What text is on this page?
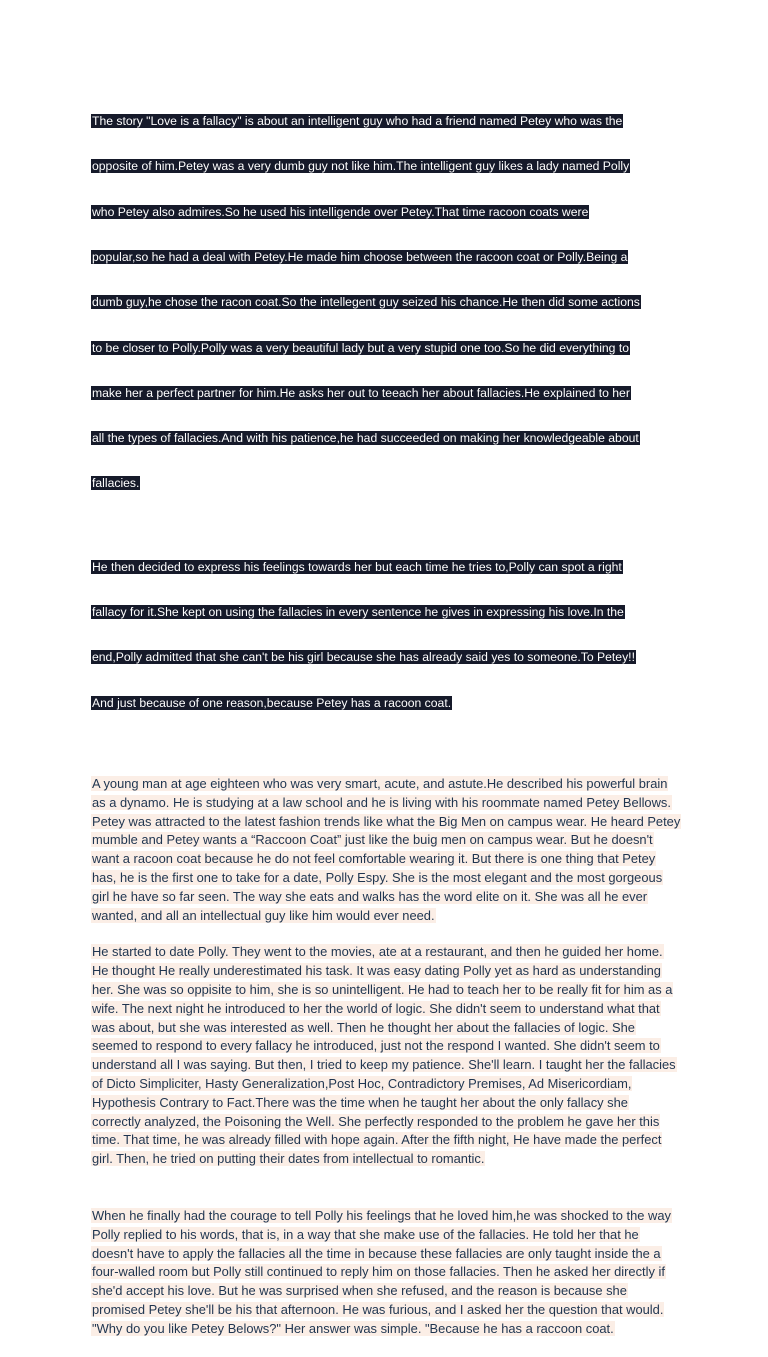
The story "Love is a fallacy" is about an intelligent guy who had a friend named Petey who was the

opposite of him.Petey was a very dumb guy not like him.The intelligent guy likes a lady named Polly

who Petey also admires.So he used his intelligende over Petey.That time racoon coats were

popular,so he had a deal with Petey.He made him choose between the racoon coat or Polly.Being a

dumb guy,he chose the racon coat.So the intellegent guy seized his chance.He then did some actions

to be closer to Polly.Polly was a very beautiful lady but a very stupid one too.So he did everything to

make her a perfect partner for him.He asks her out to teeach her about fallacies.He explained to her

all the types of fallacies.And with his patience,he had succeeded on making her knowledgeable about

fallacies.

He then decided to express his feelings towards her but each time he tries to,Polly can spot a right

fallacy for it.She kept on using the fallacies in every sentence he gives in expressing his love.In the

end,Polly admitted that she can't be his girl because she has already said yes to someone.To Petey!!

And just because of one reason,because Petey has a racoon coat.

A young man at age eighteen who was very smart, acute, and astute.He described his powerful brain
as a dynamo. He is studying at a law school and he is living with his roommate named Petey Bellows.
Petey was attracted to the latest fashion trends like what the Big Men on campus wear. He heard Petey
mumble and Petey wants a “Raccoon Coat” just like the buig men on campus wear. But he doesn't
want a racoon coat because he do not feel comfortable wearing it. But there is one thing that Petey
has, he is the first one to take for a date, Polly Espy. She is the most elegant and the most gorgeous
girl he have so far seen. The way she eats and walks has the word elite on it. She was all he ever
wanted, and all an intellectual guy like him would ever need.
He started to date Polly. They went to the movies, ate at a restaurant, and then he guided her home.
He thought He really underestimated his task. It was easy dating Polly yet as hard as understanding
her. She was so oppisite to him, she is so unintelligent. He had to teach her to be really fit for him as a
wife. The next night he introduced to her the world of logic. She didn't seem to understand what that
was about, but she was interested as well. Then he thought her about the fallacies of logic. She
seemed to respond to every fallacy he introduced, just not the respond I wanted. She didn't seem to
understand all I was saying. But then, I tried to keep my patience. She'll learn. I taught her the fallacies
of Dicto Simpliciter, Hasty Generalization,Post Hoc, Contradictory Premises, Ad Misericordiam,
Hypothesis Contrary to Fact.There was the time when he taught her about the only fallacy she
correctly analyzed, the Poisoning the Well. She perfectly responded to the problem he gave her this
time. That time, he was already filled with hope again. After the fifth night, He have made the perfect
girl. Then, he tried on putting their dates from intellectual to romantic.
When he finally had the courage to tell Polly his feelings that he loved him,he was shocked to the way
Polly replied to his words, that is, in a way that she make use of the fallacies. He told her that he
doesn't have to apply the fallacies all the time in because these fallacies are only taught inside the a
four-walled room but Polly still continued to reply him on those fallacies. Then he asked her directly if
she'd accept his love. But he was surprised when she refused, and the reason is because she
promised Petey she'll be his that afternoon. He was furious, and I asked her the question that would.
"Why do you like Petey Belows?" Her answer was simple. "Because he has a raccoon coat.
